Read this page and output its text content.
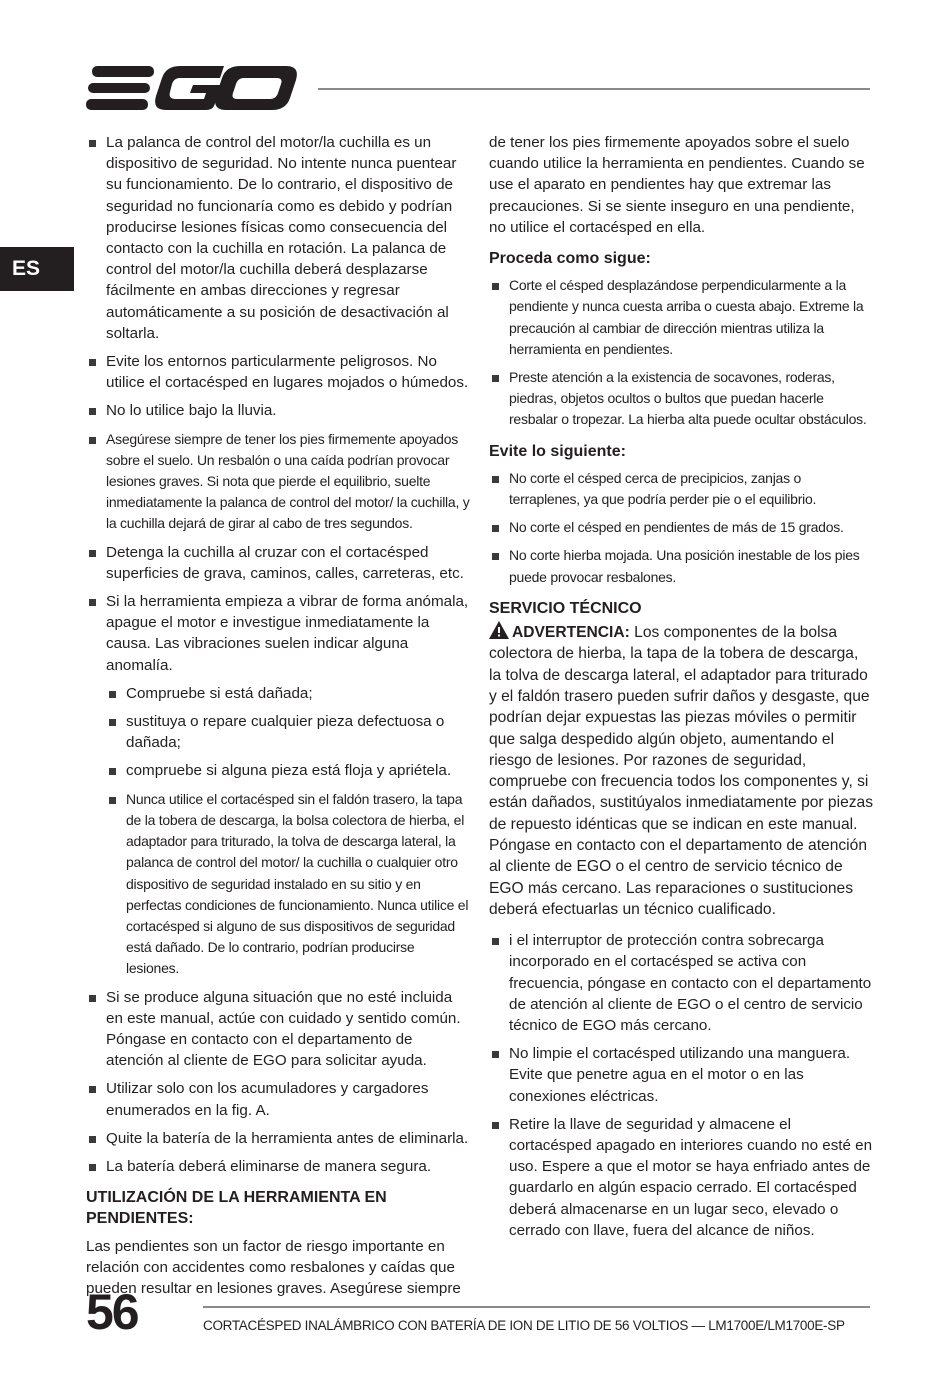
ES
La palanca de control del motor/la cuchilla es un dispositivo de seguridad. No intente nunca puentear su funcionamiento. De lo contrario, el dispositivo de seguridad no funcionaría como es debido y podrían producirse lesiones físicas como consecuencia del contacto con la cuchilla en rotación. La palanca de control del motor/la cuchilla deberá desplazarse fácilmente en ambas direcciones y regresar automáticamente a su posición de desactivación al soltarla.
Evite los entornos particularmente peligrosos. No utilice el cortacésped en lugares mojados o húmedos.
No lo utilice bajo la lluvia.
Asegúrese siempre de tener los pies firmemente apoyados sobre el suelo. Un resbalón o una caída podrían provocar lesiones graves. Si nota que pierde el equilibrio, suelte inmediatamente la palanca de control del motor/ la cuchilla, y la cuchilla dejará de girar al cabo de tres segundos.
Detenga la cuchilla al cruzar con el cortacésped superficies de grava, caminos, calles, carreteras, etc.
Si la herramienta empieza a vibrar de forma anómala, apague el motor e investigue inmediatamente la causa. Las vibraciones suelen indicar alguna anomalía.
Compruebe si está dañada;
sustituya o repare cualquier pieza defectuosa o dañada;
compruebe si alguna pieza está floja y apriétela.
Nunca utilice el cortacésped sin el faldón trasero, la tapa de la tobera de descarga, la bolsa colectora de hierba, el adaptador para triturado, la tolva de descarga lateral, la palanca de control del motor/ la cuchilla o cualquier otro dispositivo de seguridad instalado en su sitio y en perfectas condiciones de funcionamiento. Nunca utilice el cortacésped si alguno de sus dispositivos de seguridad está dañado. De lo contrario, podrían producirse lesiones.
Si se produce alguna situación que no esté incluida en este manual, actúe con cuidado y sentido común. Póngase en contacto con el departamento de atención al cliente de EGO para solicitar ayuda.
Utilizar solo con los acumuladores y cargadores enumerados en la fig. A.
Quite la batería de la herramienta antes de eliminarla.
La batería deberá eliminarse de manera segura.
UTILIZACIÓN DE LA HERRAMIENTA EN PENDIENTES:

Las pendientes son un factor de riesgo importante en relación con accidentes como resbalones y caídas que pueden resultar en lesiones graves. Asegúrese siempre

de tener los pies firmemente apoyados sobre el suelo cuando utilice la herramienta en pendientes. Cuando se use el aparato en pendientes hay que extremar las precauciones. Si se siente inseguro en una pendiente, no utilice el cortacésped en ella.

Proceda como sigue:
Corte el césped desplazándose perpendicularmente a la pendiente y nunca cuesta arriba o cuesta abajo. Extreme la precaución al cambiar de dirección mientras utiliza la herramienta en pendientes.
Preste atención a la existencia de socavones, roderas, piedras, objetos ocultos o bultos que puedan hacerle resbalar o tropezar. La hierba alta puede ocultar obstáculos.
Evite lo siguiente:
No corte el césped cerca de precipicios, zanjas o terraplenes, ya que podría perder pie o el equilibrio.
No corte el césped en pendientes de más de 15 grados.
No corte hierba mojada. Una posición inestable de los pies puede provocar resbalones.
SERVICIO TÉCNICO

ADVERTENCIA: Los componentes de la bolsa colectora de hierba, la tapa de la tobera de descarga, la tolva de descarga lateral, el adaptador para triturado y el faldón trasero pueden sufrir daños y desgaste, que podrían dejar expuestas las piezas móviles o permitir que salga despedido algún objeto, aumentando el riesgo de lesiones. Por razones de seguridad, compruebe con frecuencia todos los componentes y, si están dañados, sustitúyalos inmediatamente por piezas de repuesto idénticas que se indican en este manual. Póngase en contacto con el departamento de atención al cliente de EGO o el centro de servicio técnico de EGO más cercano. Las reparaciones o sustituciones deberá efectuarlas un técnico cualificado.

i el interruptor de protección contra sobrecarga incorporado en el cortacésped se activa con frecuencia, póngase en contacto con el departamento de atención al cliente de EGO o el centro de servicio técnico de EGO más cercano.
No limpie el cortacésped utilizando una manguera. Evite que penetre agua en el motor o en las conexiones eléctricas.
Retire la llave de seguridad y almacene el cortacésped apagado en interiores cuando no esté en uso. Espere a que el motor se haya enfriado antes de guardarlo en algún espacio cerrado. El cortacésped deberá almacenarse en un lugar seco, elevado o cerrado con llave, fuera del alcance de niños.
56	CORTACÉSPED INALÁMBRICO CON BATERÍA DE ION DE LITIO DE 56 VOLTIOS — LM1700E/LM1700E-SP
